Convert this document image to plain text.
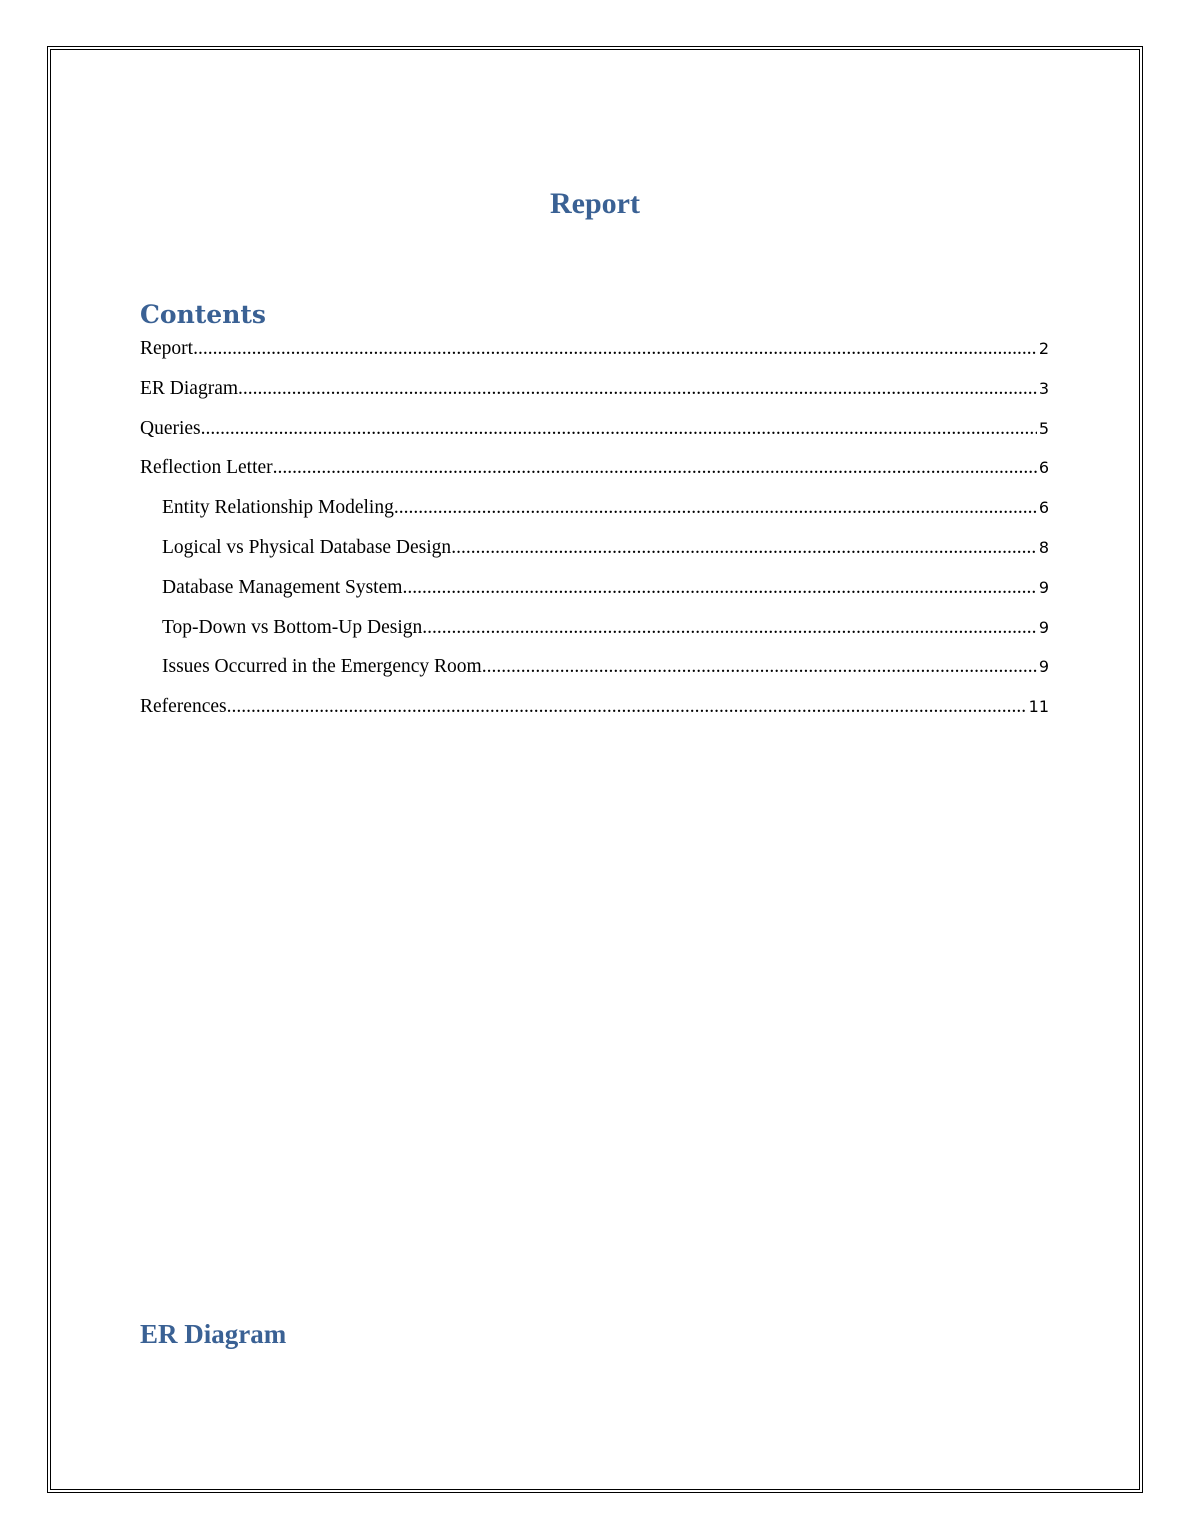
Report
Contents
Report .....	2
ER Diagram .....	3
Queries .....	5
Reflection Letter .....	6
Entity Relationship Modeling .....	6
Logical vs Physical Database Design .....	8
Database Management System .....	9
Top-Down vs Bottom-Up Design .....	9
Issues Occurred in the Emergency Room .....	9
References .....	11
ER Diagram
